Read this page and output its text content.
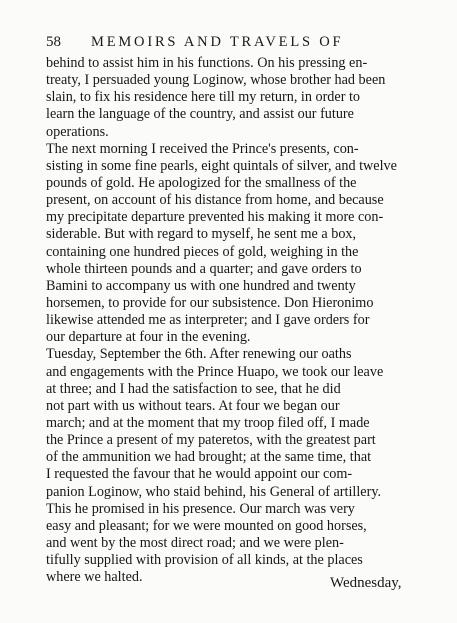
58 MEMOIRS AND TRAVELS OF
behind to assist him in his functions. On his pressing en-
treaty, I persuaded young Loginow, whose brother had been
slain, to fix his residence here till my return, in order to
learn the language of the country, and assist our future
operations.
The next morning I received the Prince's presents, con-
sisting in some fine pearls, eight quintals of silver, and twelve
pounds of gold. He apologized for the smallness of the
present, on account of his distance from home, and because
my precipitate departure prevented his making it more con-
siderable. But with regard to myself, he sent me a box,
containing one hundred pieces of gold, weighing in the
whole thirteen pounds and a quarter; and gave orders to
Bamini to accompany us with one hundred and twenty
horsemen, to provide for our subsistence. Don Hieronimo
likewise attended me as interpreter; and I gave orders for
our departure at four in the evening.
Tuesday, September the 6th. After renewing our oaths
and engagements with the Prince Huapo, we took our leave
at three; and I had the satisfaction to see, that he did
not part with us without tears. At four we began our
march; and at the moment that my troop filed off, I made
the Prince a present of my pateretos, with the greatest part
of the ammunition we had brought; at the same time, that
I requested the favour that he would appoint our com-
panion Loginow, who staid behind, his General of artillery.
This he promised in his presence. Our march was very
easy and pleasant; for we were mounted on good horses,
and went by the most direct road; and we were plen-
tifully supplied with provision of all kinds, at the places
where we halted.	Wednesday,
